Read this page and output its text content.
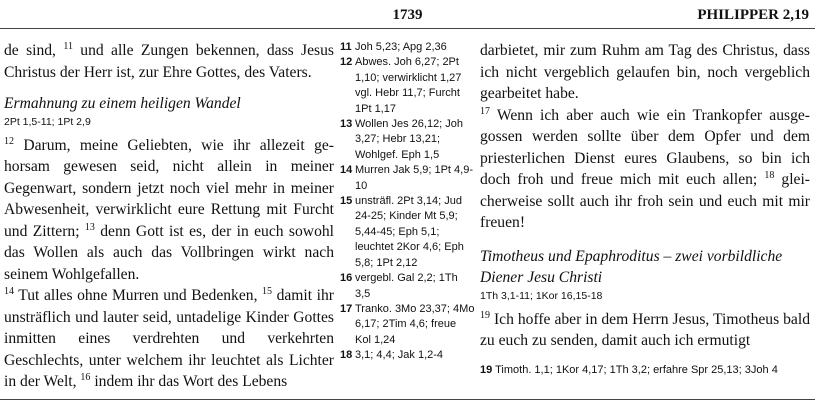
1739	PHILIPPER 2,19

de sind, $^{11}$ und alle Zungen bekennen, dass Jesus Christus der Herr ist, zur Ehre Gottes, des Vaters.

Ermahnung zu einem heiligen Wandel

2Pt 1,5-11; 1Pt 2,9

$^{12}$ Darum, meine Geliebten, wie ihr allezeit gehorsam gewesen seid, nicht allein in meiner Gegenwart, sondern jetzt noch viel mehr in meiner Abwesenheit, verwirklicht eure Rettung mit Furcht und Zittern; $^{13}$ denn Gott ist es, der in euch sowohl das Wollen als auch das Vollbringen wirkt nach seinem Wohlgefallen.

$^{14}$ Tut alles ohne Murren und Bedenken, $^{15}$ damit ihr unsträflich und lauter seid, untadelige Kinder Gottes inmitten eines verdrehten und verkehrten Geschlechts, unter welchem ihr leuchtet als Lichter in der Welt, $^{16}$ indem ihr das Wort des Lebens

11 Joh 5,23; Apg 2,36
12 Abwes. Joh 6,27; 2Pt 1,10; verwirklicht 1,27 vgl. Hebr 11,7; Furcht 1Pt 1,17
13 Wollen Jes 26,12; Joh 3,27; Hebr 13,21; Wohlgef. Eph 1,5
14 Murren Jak 5,9; 1Pt 4,9-10
15 unsträfl. 2Pt 3,14; Jud 24-25; Kinder Mt 5,9; 5,44-45; Eph 5,1; leuchtet 2Kor 4,6; Eph 5,8; 1Pt 2,12
16 vergebl. Gal 2,2; 1Th 3,5
17 Tranko. 3Mo 23,37; 4Mo 6,17; 2Tim 4,6; freue Kol 1,24
18 3,1; 4,4; Jak 1,2-4

darbietet, mir zum Ruhm am Tag des Christus, dass ich nicht vergeblich gelaufen bin, noch vergeblich gearbeitet habe.

$^{17}$ Wenn ich aber auch wie ein Trankopfer ausgegossen werden sollte über dem Opfer und dem priesterlichen Dienst eures Glaubens, so bin ich doch froh und freue mich mit euch allen; $^{18}$ gleicherweise sollt auch ihr froh sein und euch mit mir freuen!

Timotheus und Epaphroditus – zwei vorbildliche Diener Jesu Christi

1Th 3,1-11; 1Kor 16,15-18

$^{19}$ Ich hoffe aber in dem Herrn Jesus, Timotheus bald zu euch zu senden, damit auch ich ermutigt

19 Timoth. 1,1; 1Kor 4,17; 1Th 3,2; erfahre Spr 25,13; 3Joh 4
